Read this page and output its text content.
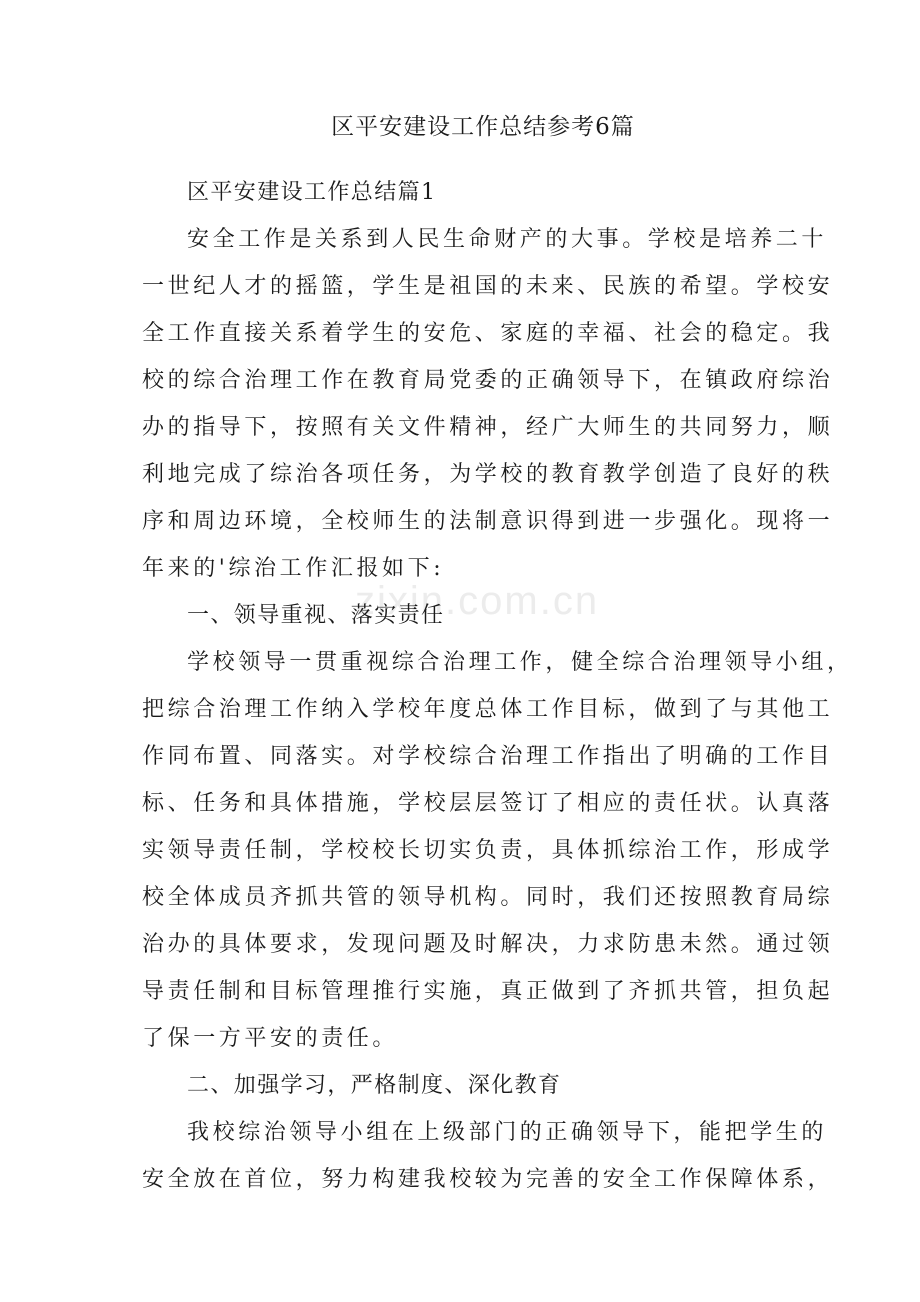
zixin.com.cn
区平安建设工作总结参考6篇
区平安建设工作总结篇1
安全工作是关系到人民生命财产的大事。学校是培养二十
一世纪人才的摇篮，学生是祖国的未来、民族的希望。学校安
全工作直接关系着学生的安危、家庭的幸福、社会的稳定。我
校的综合治理工作在教育局党委的正确领导下，在镇政府综治
办的指导下，按照有关文件精神，经广大师生的共同努力，顺
利地完成了综治各项任务，为学校的教育教学创造了良好的秩
序和周边环境，全校师生的法制意识得到进一步强化。现将一
年来的'综治工作汇报如下:
一、领导重视、落实责任
学校领导一贯重视综合治理工作，健全综合治理领导小组，
把综合治理工作纳入学校年度总体工作目标，做到了与其他工
作同布置、同落实。对学校综合治理工作指出了明确的工作目
标、任务和具体措施，学校层层签订了相应的责任状。认真落
实领导责任制，学校校长切实负责，具体抓综治工作，形成学
校全体成员齐抓共管的领导机构。同时，我们还按照教育局综
治办的具体要求，发现问题及时解决，力求防患未然。通过领
导责任制和目标管理推行实施，真正做到了齐抓共管，担负起
了保一方平安的责任。
二、加强学习，严格制度、深化教育
我校综治领导小组在上级部门的正确领导下，能把学生的
安全放在首位，努力构建我校较为完善的安全工作保障体系，
